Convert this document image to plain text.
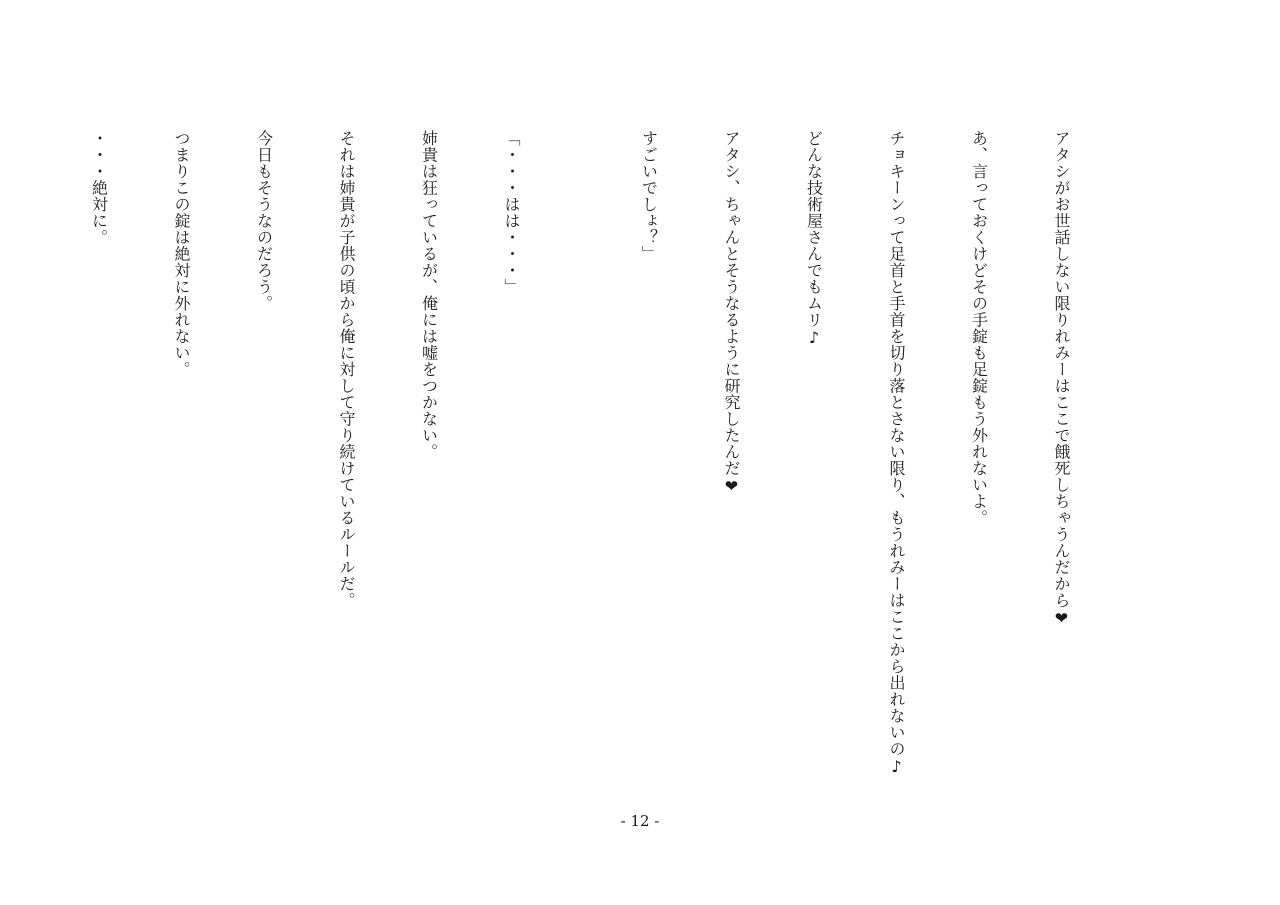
アタシがお世話しない限りれみーはここで餓死しちゃうんだから❤

あ、言っておくけどその手錠も足錠もう外れないよ。

チョキーンって足首と手首を切り落とさない限り、もうれみーはここから出れないの♪

どんな技術屋さんでもムリ♪

アタシ、ちゃんとそうなるように研究したんだ❤

すごいでしょ？」

「・・・はは・・・」

姉貴は狂っているが、俺には嘘をつかない。

それは姉貴が子供の頃から俺に対して守り続けているルールだ。

今日もそうなのだろう。

つまりこの錠は絶対に外れない。

・・・絶対に。

- 12 -
